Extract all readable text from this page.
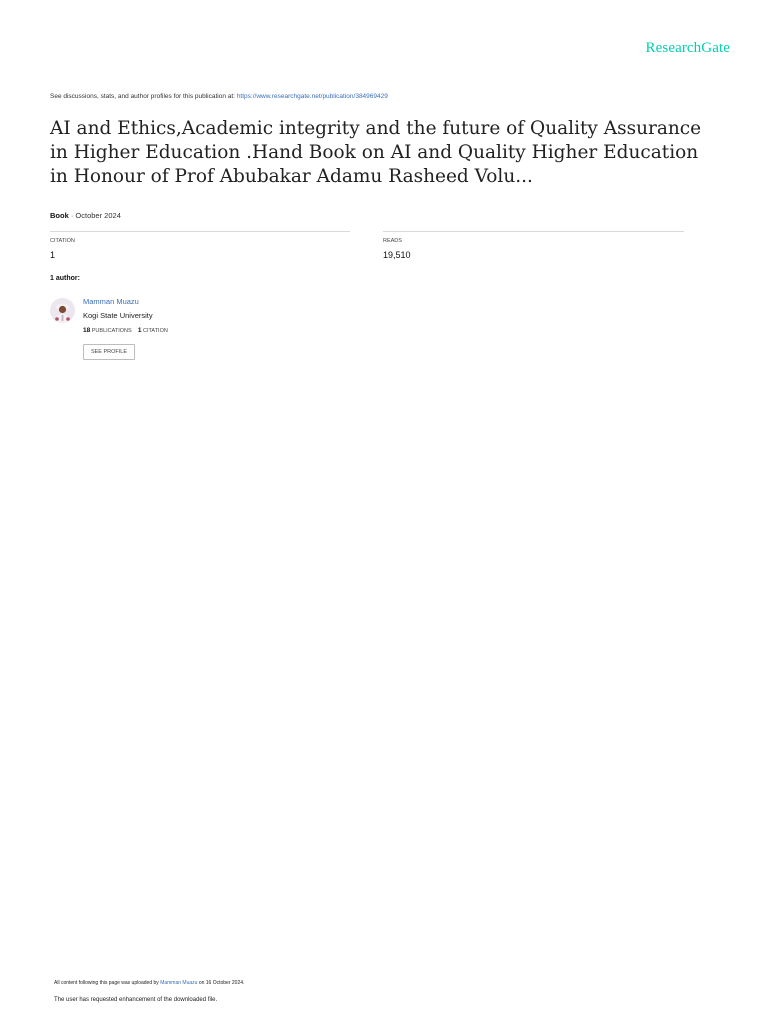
ResearchGate
See discussions, stats, and author profiles for this publication at: https://www.researchgate.net/publication/384969429
AI and Ethics,Academic integrity and the future of Quality Assurance in Higher Education .Hand Book on AI and Quality Higher Education in Honour of Prof Abubakar Adamu Rasheed Volu...
Book · October 2024
CITATION
1
READS
19,510
1 author:
Mamman Muazu
Kogi State University
18 PUBLICATIONS 1 CITATION
SEE PROFILE
All content following this page was uploaded by Mamman Muazu on 16 October 2024.
The user has requested enhancement of the downloaded file.
